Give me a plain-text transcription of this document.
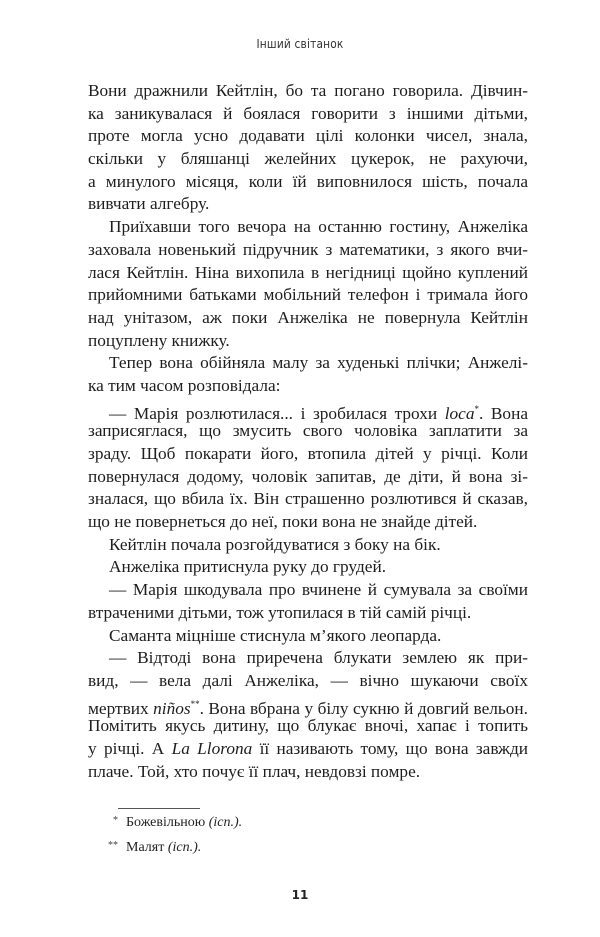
Інший світанок
Вони дражнили Кейтлін, бо та погано говорила. Дівчин-
ка заникувалася й боялася говорити з іншими дітьми,
проте могла усно додавати цілі колонки чисел, знала,
скільки у бляшанці желейних цукерок, не рахуючи,
а минулого місяця, коли їй виповнилося шість, почала
вивчати алгебру.
Приїхавши того вечора на останню гостину, Анжеліка
заховала новенький підручник з математики, з якого вчи-
лася Кейтлін. Ніна вихопила в негідниці щойно куплений
прийомними батьками мобільний телефон і тримала його
над унітазом, аж поки Анжеліка не повернула Кейтлін
поцуплену книжку.
Тепер вона обійняла малу за худенькі плічки; Анжелі-
ка тим часом розповідала:
— Марія розлютилася... і зробилася трохи loca*. Вона
заприсяглася, що змусить свого чоловіка заплатити за
зраду. Щоб покарати його, втопила дітей у річці. Коли
повернулася додому, чоловік запитав, де діти, й вона зі-
зналася, що вбила їх. Він страшенно розлютився й сказав,
що не повернеться до неї, поки вона не знайде дітей.
Кейтлін почала розгойдуватися з боку на бік.
Анжеліка притиснула руку до грудей.
— Марія шкодувала про вчинене й сумувала за своїми
втраченими дітьми, тож утопилася в тій самій річці.
Саманта міцніше стиснула м’якого леопарда.
— Відтоді вона приречена блукати землею як при-
вид, — вела далі Анжеліка, — вічно шукаючи своїх
мертвих niños**. Вона вбрана у білу сукню й довгий вельон.
Помітить якусь дитину, що блукає вночі, хапає і топить
у річці. А La Llorona її називають тому, що вона завжди
плаче. Той, хто почує її плач, невдовзі помре.
* Божевільною (ісп.).
** Малят (ісп.).
11
